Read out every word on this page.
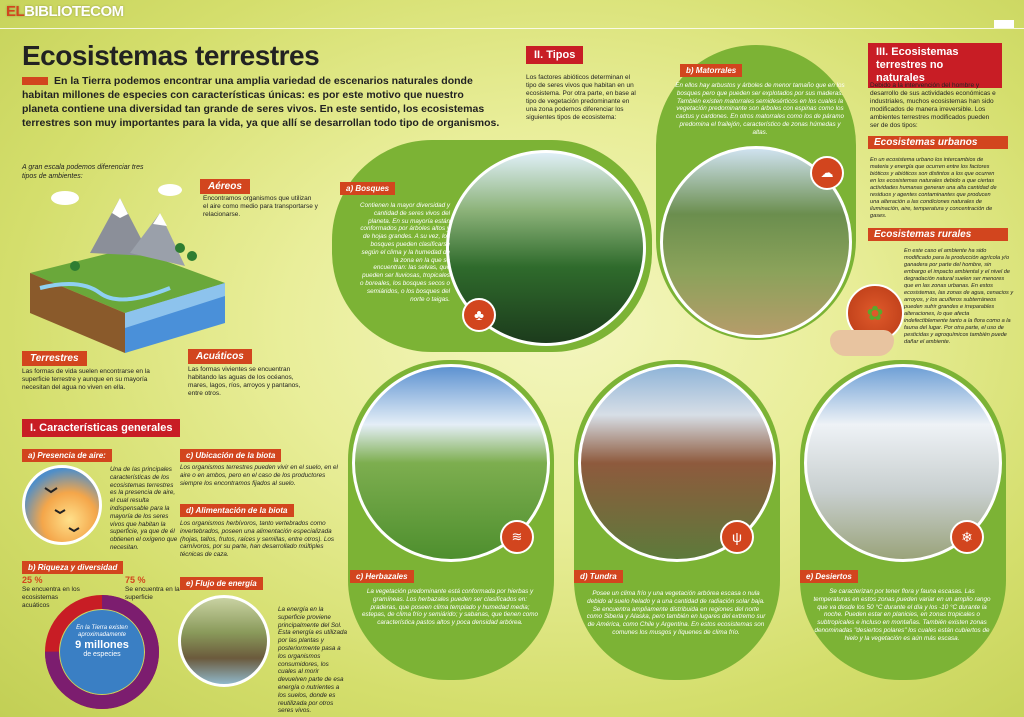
ELBIBLIOTECOM
Ecosistemas terrestres
En la Tierra podemos encontrar una amplia variedad de escenarios naturales donde habitan millones de especies con características únicas: es por este motivo que nuestro planeta contiene una diversidad tan grande de seres vivos. En este sentido, los ecosistemas terrestres son muy importantes para la vida, ya que allí se desarrollan todo tipo de organismos.
A gran escala podemos diferenciar tres tipos de ambientes:
Aéreos
Encontramos organismos que utilizan el aire como medio para transportarse y relacionarse.
Terrestres
Las formas de vida suelen encontrarse en la superficie terrestre y aunque en su mayoría necesitan del agua no viven en ella.
Acuáticos
Las formas vivientes se encuentran habitando las aguas de los océanos, mares, lagos, ríos, arroyos y pantanos, entre otros.
I. Características generales
a) Presencia de aire:
Una de las principales características de los ecosistemas terrestres es la presencia de aire, el cual resulta indispensable para la mayoría de los seres vivos que habitan la superficie, ya que de él obtienen el oxígeno que necesitan.
b) Riqueza y diversidad
25 %
Se encuentra en los ecosistemas acuáticos
75 %
Se encuentra en la superficie
En la Tierra existen aproximadamente
9 millones
de especies
c) Ubicación de la biota
Los organismos terrestres pueden vivir en el suelo, en el aire o en ambos, pero en el caso de los productores siempre los encontramos fijados al suelo.
d) Alimentación de la biota
Los organismos herbívoros, tanto vertebrados como invertebrados, poseen una alimentación especializada (hojas, tallos, frutos, raíces y semillas, entre otros). Los carnívoros, por su parte, han desarrollado múltiples técnicas de caza.
e) Flujo de energía
La energía en la superficie proviene principalmente del Sol. Esta energía es utilizada por las plantas y posteriormente pasa a los organismos consumidores, los cuales al morir devuelven parte de esa energía o nutrientes a los suelos, donde es reutilizada por otros seres vivos.
II. Tipos
Los factores abióticos determinan el tipo de seres vivos que habitan en un ecosistema. Por otra parte, en base al tipo de vegetación predominante en una zona podemos diferenciar los siguientes tipos de ecosistema:
a) Bosques
Contienen la mayor diversidad y cantidad de seres vivos del planeta. En su mayoría están conformados por árboles altos y de hojas grandes. A su vez, los bosques pueden clasificarse según el clima y la humedad de la zona en la que se encuentran: las selvas, que pueden ser lluviosas, tropicales o boreales, los bosques secos o semiáridos, o los bosques del norte o taigas.
♣
b) Matorrales
En ellos hay arbustos y árboles de menor tamaño que en los bosques pero que pueden ser explotados por sus maderas. También existen matorrales semidesérticos en los cuales la vegetación predominante son árboles con espinas como los cactus y cardones. En otros matorrales como los de páramo predomina el frailejón, característico de zonas húmedas y altas.
☁
≋
c) Herbazales
La vegetación predominante está conformada por hierbas y gramíneas. Los herbazales pueden ser clasificados en: praderas, que poseen clima templado y humedad media; estepas, de clima frío y semiárido; y sabanas, que tienen como característica pastos altos y poca densidad arbórea.
ψ
d) Tundra
Posee un clima frío y una vegetación arbórea escasa o nula debido al suelo helado y a una cantidad de radiación solar baja. Se encuentra ampliamente distribuida en regiones del norte como Siberia y Alaska, pero también en lugares del extremo sur de América, como Chile y Argentina. En estos ecosistemas son comunes los musgos y líquenes de clima frío.
❄
e) Desiertos
Se caracterizan por tener flora y fauna escasas. Las temperaturas en estos zonas pueden variar en un amplio rango que va desde los 50 °C durante el día y los -10 °C durante la noche. Pueden estar en planicies, en zonas tropicales o subtropicales e incluso en montañas. También existen zonas denominadas "desiertos polares" los cuales están cubiertos de hielo y la vegetación es aún más escasa.
III. Ecosistemas terrestres no naturales
Debido a la intervención del hombre y desarrollo de sus actividades económicas e industriales, muchos ecosistemas han sido modificados de manera irreversible. Los ambientes terrestres modificados pueden ser de dos tipos:
Ecosistemas urbanos
En un ecosistema urbano los intercambios de materia y energía que ocurren entre los factores bióticos y abióticos son distintos a los que ocurren en los ecosistemas naturales debido a que ciertas actividades humanas generan una alta cantidad de residuos y agentes contaminantes que producen una alteración a las condiciones naturales de iluminación, aire, temperatura y concentración de gases.
Ecosistemas rurales
En este caso el ambiente ha sido modificado para la producción agrícola y/o ganadera por parte del hombre, sin embargo el impacto ambiental y el nivel de degradación natural suelen ser menores que en las zonas urbanas. En estos ecosistemas, las zonas de agua, cenacios y arroyos, y los acuíferos subterráneos pueden sufrir grandes e irreparables alteraciones, lo que afecta indefectiblemente tanto a la flora como a la fauna del lugar. Por otra parte, el uso de pesticidas y agroquímicos también puede dañar el ambiente.
✿
